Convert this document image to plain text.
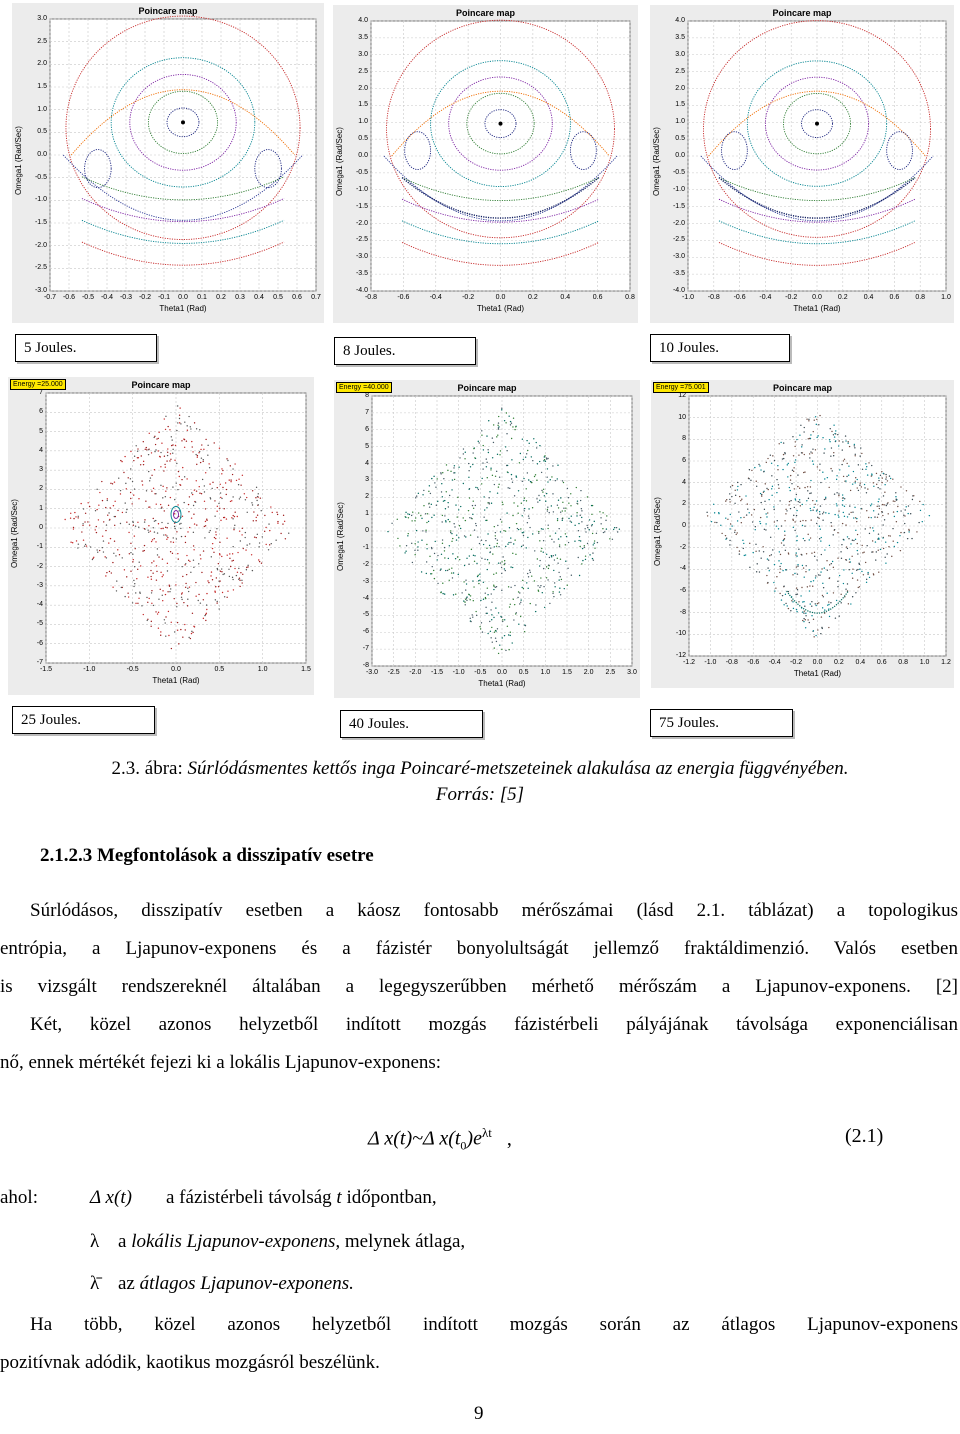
Poincare map
Omega1 (Rad/Sec)
Theta1 (Rad)
3.0
2.5
2.0
1.5
1.0
0.5
0.0
-0.5
-1.0
-1.5
-2.0
-2.5
-3.0
-0.7 -0.6 -0.5 -0.4 -0.3 -0.2 -0.1	0.0	0.1	0.2	0.3	0.4	0.5	0.6	0.7
5 Joules.
Poincare map
Omega1 (Rad/Sec)
Theta1 (Rad)
4.0
3.5
3.0
2.5
2.0
1.5
1.0
0.5
0.0
-0.5
-1.0
-1.5
-2.0
-2.5
-3.0
-3.5
-4.0
-0.8	-0.6	-0.4	-0.2	0.0	0.2	0.4	0.6	0.8
8 Joules.
Poincare map
Omega1 (Rad/Sec)
Theta1 (Rad)
4.0
3.5
3.0
2.5
2.0
1.5
1.0
0.5
0.0
-0.5
-1.0
-1.5
-2.0
-2.5
-3.0
-3.5
-4.0
-1.0	-0.8	-0.6	-0.4	-0.2	0.0	0.2	0.4	0.6	0.8	1.0
10 Joules.
Poincare map
Energy =25.000
Omega1 (Rad/Sec)
Theta1 (Rad)
7
6
5
4
3
2
1
0
-1
-2
-3
-4
-5
-6
-7
-1.5	-1.0	-0.5	0.0	0.5	1.0	1.5
25 Joules.
Poincare map
Energy =40.000
Omega1 (Rad/Sec)
Theta1 (Rad)
8
7
6
5
4
3
2
1
0
-1
-2
-3
-4
-5
-6
-7
-8
-3.0	-2.5	-2.0	-1.5	-1.0	-0.5	0.0	0.5	1.0	1.5	2.0	2.5	3.0
40 Joules.
Poincare map
Energy =75.001
Omega1 (Rad/Sec)
Theta1 (Rad)
12
10
8
6
4
2
0
-2
-4
-6
-8
-10
-12
-1.2	-1.0	-0.8	-0.6	-0.4	-0.2	0.0	0.2	0.4	0.6	0.8	1.0	1.2
75 Joules.
2.3. ábra: Súrlódásmentes kettős inga Poincaré-metszeteinek alakulása az energia függvényében.
Forrás: [5]
2.1.2.3 Megfontolások a disszipatív esetre
Súrlódásos, disszipatív esetben a káosz fontosabb mérőszámai (lásd 2.1. táblázat) a topologikus
entrópia, a Ljapunov-exponens és a fázistér bonyolultságát jellemző fraktáldimenzió. Valós esetben
is vizsgált rendszereknél általában a legegyszerűbben mérhető mérőszám a Ljapunov-exponens. [2]
Két, közel azonos helyzetből indított mozgás fázistérbeli pályájának távolsága exponenciálisan
nő, ennek mértékét fejezi ki a lokális Ljapunov-exponens:
Δ x(t)~Δ $x(t_0)e^{\lambda t}$ ,	(2.1)
ahol:	Δ x(t) a fázistérbeli távolság t időpontban,
λ a lokális Ljapunov-exponens, melynek átlaga,
λ̄ az átlagos Ljapunov-exponens.
Ha több, közel azonos helyzetből indított mozgás során az átlagos Ljapunov-exponens
pozitívnak adódik, kaotikus mozgásról beszélünk.
9
